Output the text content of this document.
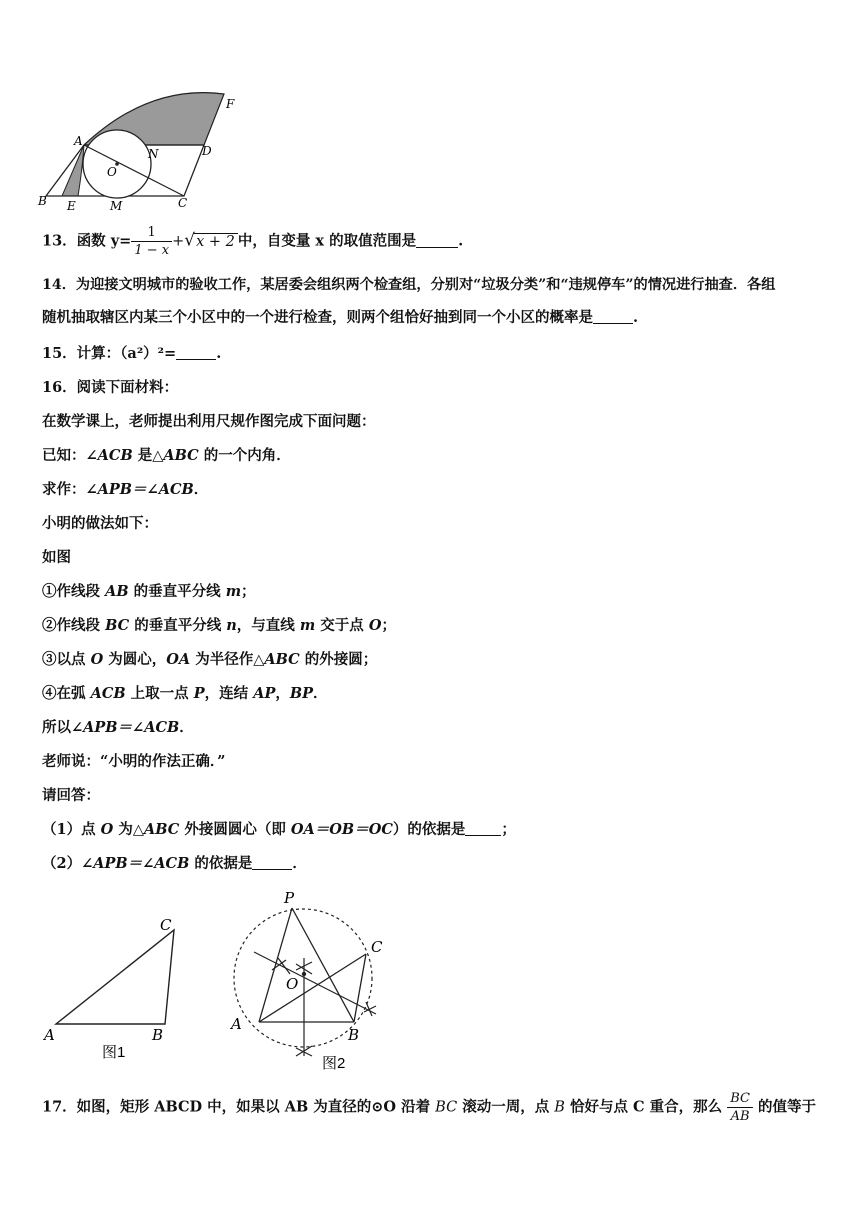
A
B	C
D
E
F
M
N
O
13．函数 $y= \frac{1}{1 - x} +√x + 2$ 中，自变量 x 的取值范围是	.
14．为迎接文明城市的验收工作，某居委会组织两个检查组，分别对“垃圾分类”和“违规停车”的情况进行抽查．各组
随机抽取辖区内某三个小区中的一个进行检查，则两个组恰好抽到同一个小区的概率是	.
15．计算：（a²）²=	.
16．阅读下面材料：
在数学课上，老师提出利用尺规作图完成下面问题：
已知：∠ACB 是△ABC 的一个内角．
求作：∠APB＝∠ACB．
小明的做法如下：
如图
①作线段 AB 的垂直平分线 m；
②作线段 BC 的垂直平分线 n，与直线 m 交于点 O；
③以点 O 为圆心，OA 为半径作△ABC 的外接圆；
④在弧 ACB 上取一点 P，连结 AP，BP．
所以∠APB＝∠ACB．
老师说：“小明的作法正确．”
请回答：
（1）点 O 为△ABC 外接圆圆心（即 OA＝OB＝OC）的依据是 ；
（2）∠APB＝∠ACB 的依据是	．
A	B
C
图1
P
C
O
A
B
图2
17．如图，矩形 ABCD 中，如果以 AB 为直径的⊙O 沿着 BC 滚动一周，点 B 恰好与点 C 重合，那么 $\frac{BC}{AB}$ 的值等于
